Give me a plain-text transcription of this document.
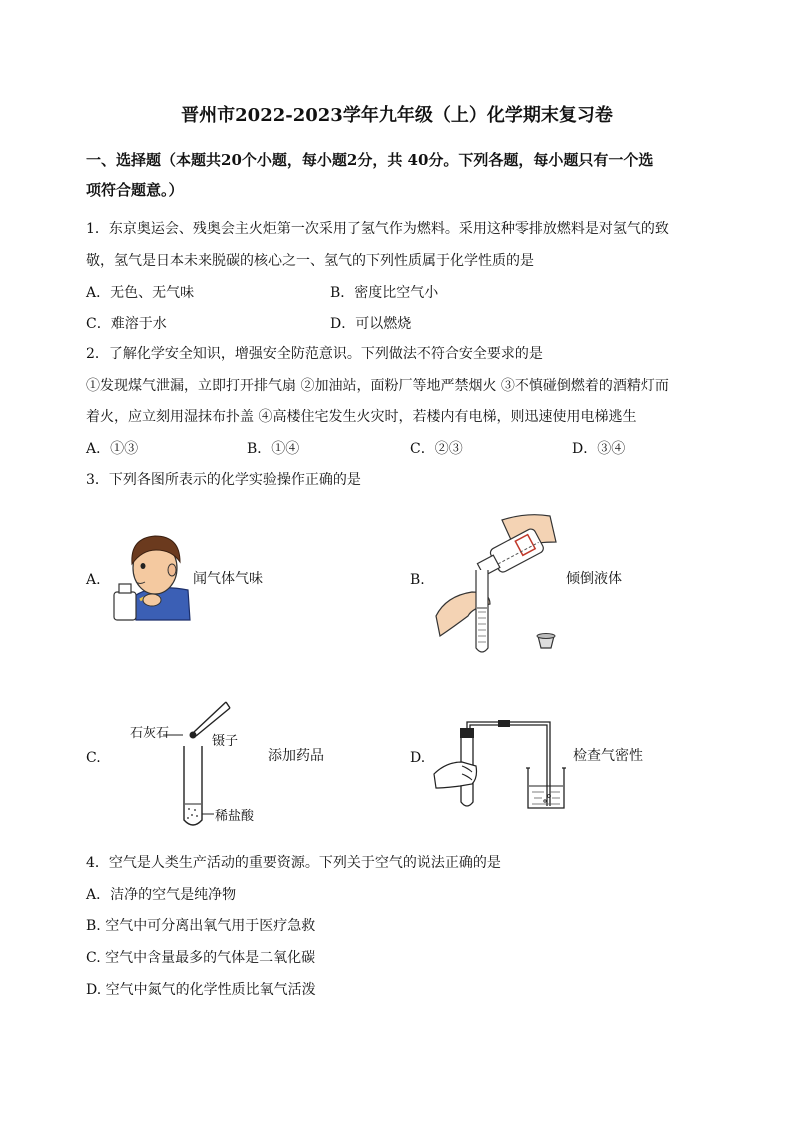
晋州市2022-2023学年九年级（上）化学期末复习卷
一、选择题（本题共20个小题，每小题2分，共 40分。下列各题，每小题只有一个选
项符合题意。）
1．东京奥运会、残奥会主火炬第一次采用了氢气作为燃料。采用这种零排放燃料是对氢气的致
敬，氢气是日本未来脱碳的核心之一、氢气的下列性质属于化学性质的是
A．无色、无气味	B．密度比空气小
C．难溶于水	D．可以燃烧
2．了解化学安全知识，增强安全防范意识。下列做法不符合安全要求的是
①发现煤气泄漏，立即打开排气扇 ②加油站，面粉厂等地严禁烟火 ③不慎碰倒燃着的酒精灯而
着火，应立刻用湿抹布扑盖 ④高楼住宅发生火灾时，若楼内有电梯，则迅速使用电梯逃生
A．①③	B．①④	C．②③	D．③④
3．下列各图所表示的化学实验操作正确的是
A.	闻气体气味	B.	倾倒液体
C.
石灰石
镊子
稀盐酸
添加药品	D.	检查气密性
4．空气是人类生产活动的重要资源。下列关于空气的说法正确的是
A．洁净的空气是纯净物
B. 空气中可分离出氧气用于医疗急救
C. 空气中含量最多的气体是二氧化碳
D. 空气中氮气的化学性质比氧气活泼
